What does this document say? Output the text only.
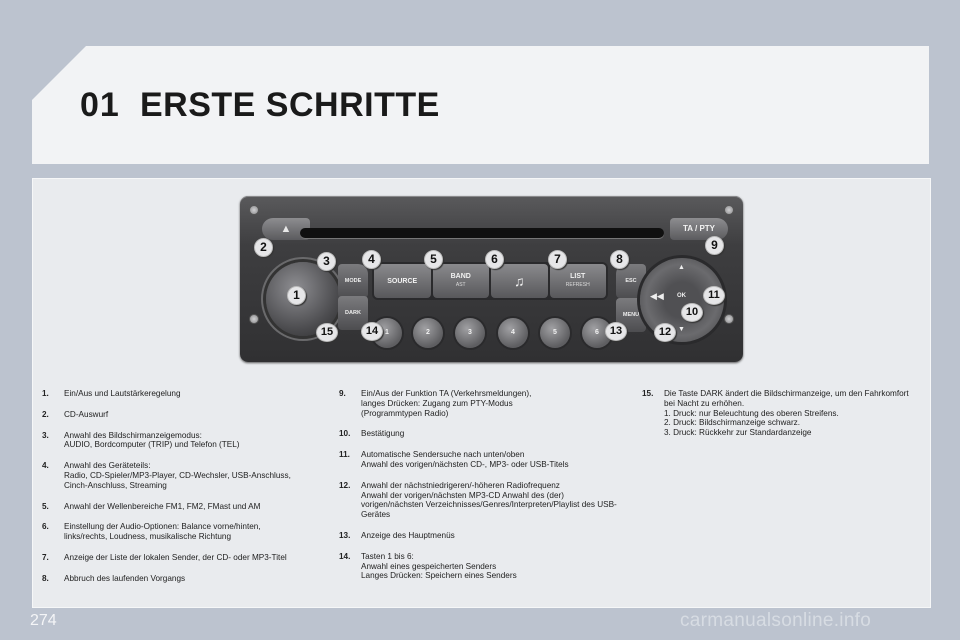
01 ERSTE SCHRITTE
▲	TA / PTY
MODE
DARK
SOURCE
BAND
AST	♫	LIST
REFRESH
ESC
MENU
OK
◀◀
▲
▼
1	2	3	4	5	6
1
2
3	4	5	6	7	8
9
10
11
12
13
14
15
1.	Ein/Aus und Lautstärkeregelung
2.	CD-Auswurf
3.	Anwahl des Bildschirmanzeigemodus:
AUDIO, Bordcomputer (TRIP) und Telefon (TEL)
4.	Anwahl des Geräteteils:
Radio, CD-Spieler/MP3-Player, CD-Wechsler, USB-Anschluss, Cinch-Anschluss, Streaming
5.	Anwahl der Wellenbereiche FM1, FM2, FMast und AM
6.	Einstellung der Audio-Optionen: Balance vorne/hinten, links/rechts, Loudness, musikalische Richtung
7.	Anzeige der Liste der lokalen Sender, der CD- oder MP3-Titel
8.	Abbruch des laufenden Vorgangs
9.	Ein/Aus der Funktion TA (Verkehrsmeldungen),
langes Drücken: Zugang zum PTY-Modus
(Programmtypen Radio)
10.	Bestätigung
11.	Automatische Sendersuche nach unten/oben
Anwahl des vorigen/nächsten CD-, MP3- oder USB-Titels
12.	Anwahl der nächstniedrigeren/-höheren Radiofrequenz
Anwahl der vorigen/nächsten MP3-CD Anwahl des (der) vorigen/nächsten Verzeichnisses/Genres/Interpreten/Playlist des USB-Gerätes
13.	Anzeige des Hauptmenüs
14.	Tasten 1 bis 6:
Anwahl eines gespeicherten Senders
Langes Drücken: Speichern eines Senders
15.	Die Taste DARK ändert die Bildschirmanzeige, um den Fahrkomfort bei Nacht zu erhöhen.
1. Druck: nur Beleuchtung des oberen Streifens.
2. Druck: Bildschirmanzeige schwarz.
3. Druck: Rückkehr zur Standardanzeige
274	carmanualsonline.info
